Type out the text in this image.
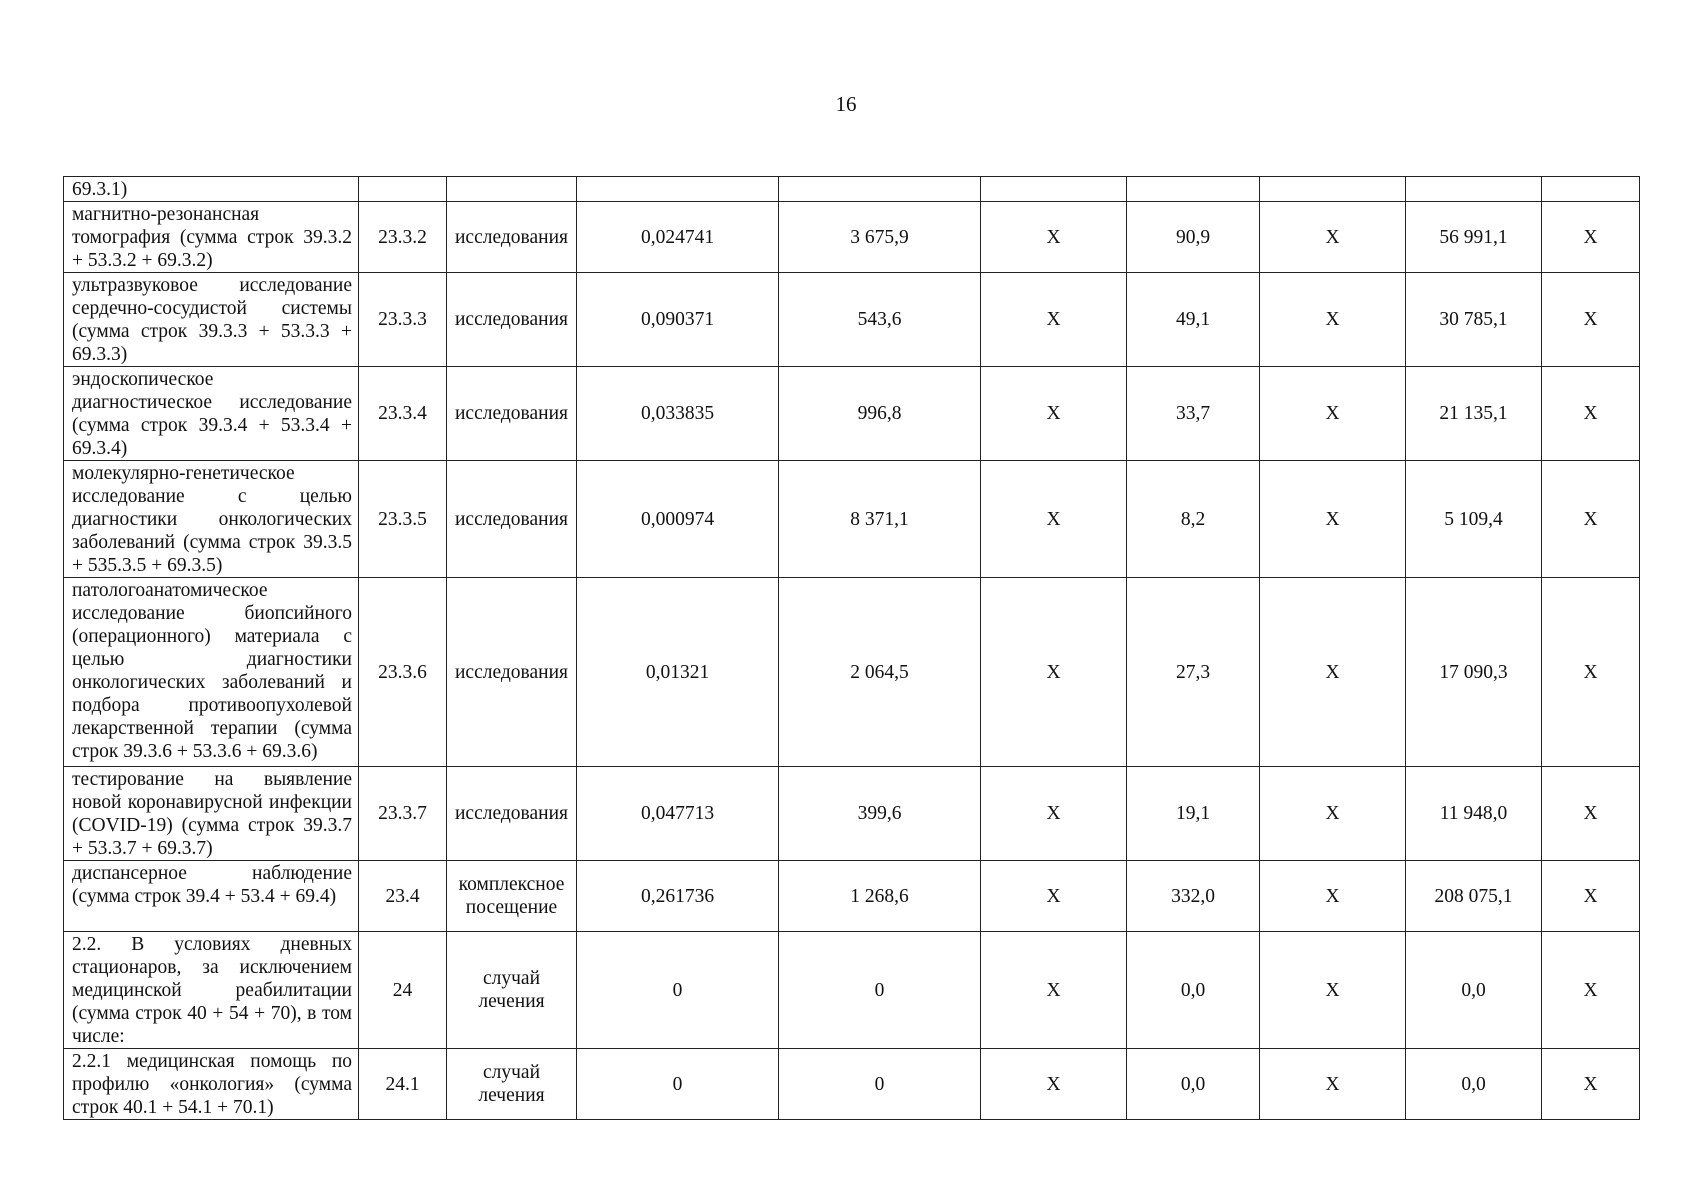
16
69.3.1)									
магнитно-резонансная томография (сумма строк 39.3.2 + 53.3.2 + 69.3.2)	23.3.2	исследования	0,024741	3 675,9	X	90,9	X	56 991,1	X
ультразвуковое исследование сердечно-сосудистой системы (сумма строк 39.3.3 + 53.3.3 + 69.3.3)	23.3.3	исследования	0,090371	543,6	X	49,1	X	30 785,1	X
эндоскопическое диагностическое исследование (сумма строк 39.3.4 + 53.3.4 + 69.3.4)	23.3.4	исследования	0,033835	996,8	X	33,7	X	21 135,1	X
молекулярно-генетическое исследование с целью диагностики онкологических заболеваний (сумма строк 39.3.5 + 535.3.5 + 69.3.5)	23.3.5	исследования	0,000974	8 371,1	X	8,2	X	5 109,4	X
патологоанатомическое исследование биопсийного (операционного) материала с целью диагностики онкологических заболеваний и подбора противоопухолевой лекарственной терапии (сумма строк 39.3.6 + 53.3.6 + 69.3.6)	23.3.6	исследования	0,01321	2 064,5	X	27,3	X	17 090,3	X
тестирование на выявление новой коронавирусной инфекции (COVID-19) (сумма строк 39.3.7 + 53.3.7 + 69.3.7)	23.3.7	исследования	0,047713	399,6	X	19,1	X	11 948,0	X
диспансерное наблюдение (сумма строк 39.4 + 53.4 + 69.4)	23.4	комплексное посещение	0,261736	1 268,6	X	332,0	X	208 075,1	X
2.2. В условиях дневных стационаров, за исключением медицинской реабилитации (сумма строк 40 + 54 + 70), в том числе:	24	случай лечения	0	0	X	0,0	X	0,0	X
2.2.1 медицинская помощь по профилю «онкология» (сумма строк 40.1 + 54.1 + 70.1)	24.1	случай лечения	0	0	X	0,0	X	0,0	X
